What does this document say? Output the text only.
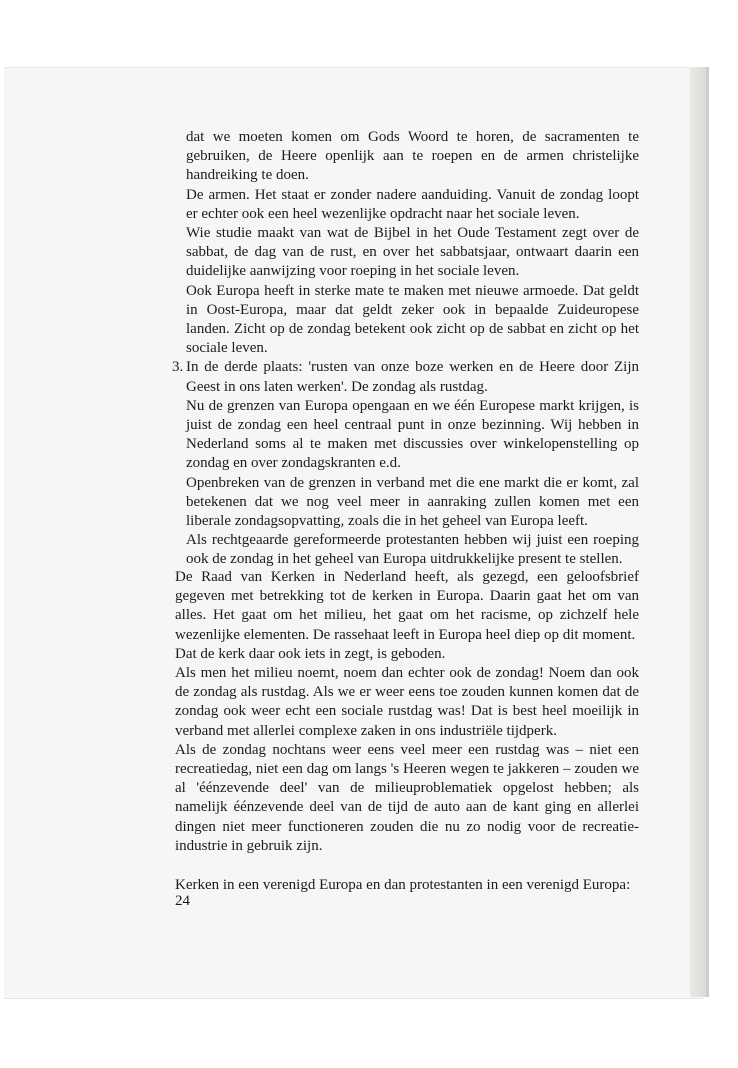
dat we moeten komen om Gods Woord te horen, de sacramenten te gebruiken, de Heere openlijk aan te roepen en de armen christelijke handreiking te doen.

De armen. Het staat er zonder nadere aanduiding. Vanuit de zondag loopt er echter ook een heel wezenlijke opdracht naar het sociale leven.

Wie studie maakt van wat de Bijbel in het Oude Testament zegt over de sabbat, de dag van de rust, en over het sabbatsjaar, ontwaart daarin een duidelijke aanwijzing voor roeping in het sociale leven.

Ook Europa heeft in sterke mate te maken met nieuwe armoede. Dat geldt in Oost-Europa, maar dat geldt zeker ook in bepaalde Zuideuropese landen. Zicht op de zondag betekent ook zicht op de sabbat en zicht op het sociale leven.

3. In de derde plaats: 'rusten van onze boze werken en de Heere door Zijn Geest in ons laten werken'. De zondag als rustdag.

Nu de grenzen van Europa opengaan en we één Europese markt krijgen, is juist de zondag een heel centraal punt in onze bezinning. Wij hebben in Nederland soms al te maken met discussies over winkelopenstelling op zondag en over zondagskranten e.d.

Openbreken van de grenzen in verband met die ene markt die er komt, zal betekenen dat we nog veel meer in aanraking zullen komen met een liberale zondagsopvatting, zoals die in het geheel van Europa leeft.

Als rechtgeaarde gereformeerde protestanten hebben wij juist een roeping ook de zondag in het geheel van Europa uitdrukkelijke present te stellen.

De Raad van Kerken in Nederland heeft, als gezegd, een geloofsbrief gegeven met betrekking tot de kerken in Europa. Daarin gaat het om van alles. Het gaat om het milieu, het gaat om het racisme, op zichzelf hele wezenlijke elementen. De rassehaat leeft in Europa heel diep op dit moment.

Dat de kerk daar ook iets in zegt, is geboden.

Als men het milieu noemt, noem dan echter ook de zondag! Noem dan ook de zondag als rustdag. Als we er weer eens toe zouden kunnen komen dat de zondag ook weer echt een sociale rustdag was! Dat is best heel moeilijk in verband met allerlei complexe zaken in ons industriële tijdperk.

Als de zondag nochtans weer eens veel meer een rustdag was – niet een recreatiedag, niet een dag om langs 's Heeren wegen te jakkeren – zouden we al 'éénzevende deel' van de milieuproblematiek opgelost hebben; als namelijk éénzevende deel van de tijd de auto aan de kant ging en allerlei dingen niet meer functioneren zouden die nu zo nodig voor de recreatie-industrie in gebruik zijn.

Kerken in een verenigd Europa en dan protestanten in een verenigd Europa:

24
